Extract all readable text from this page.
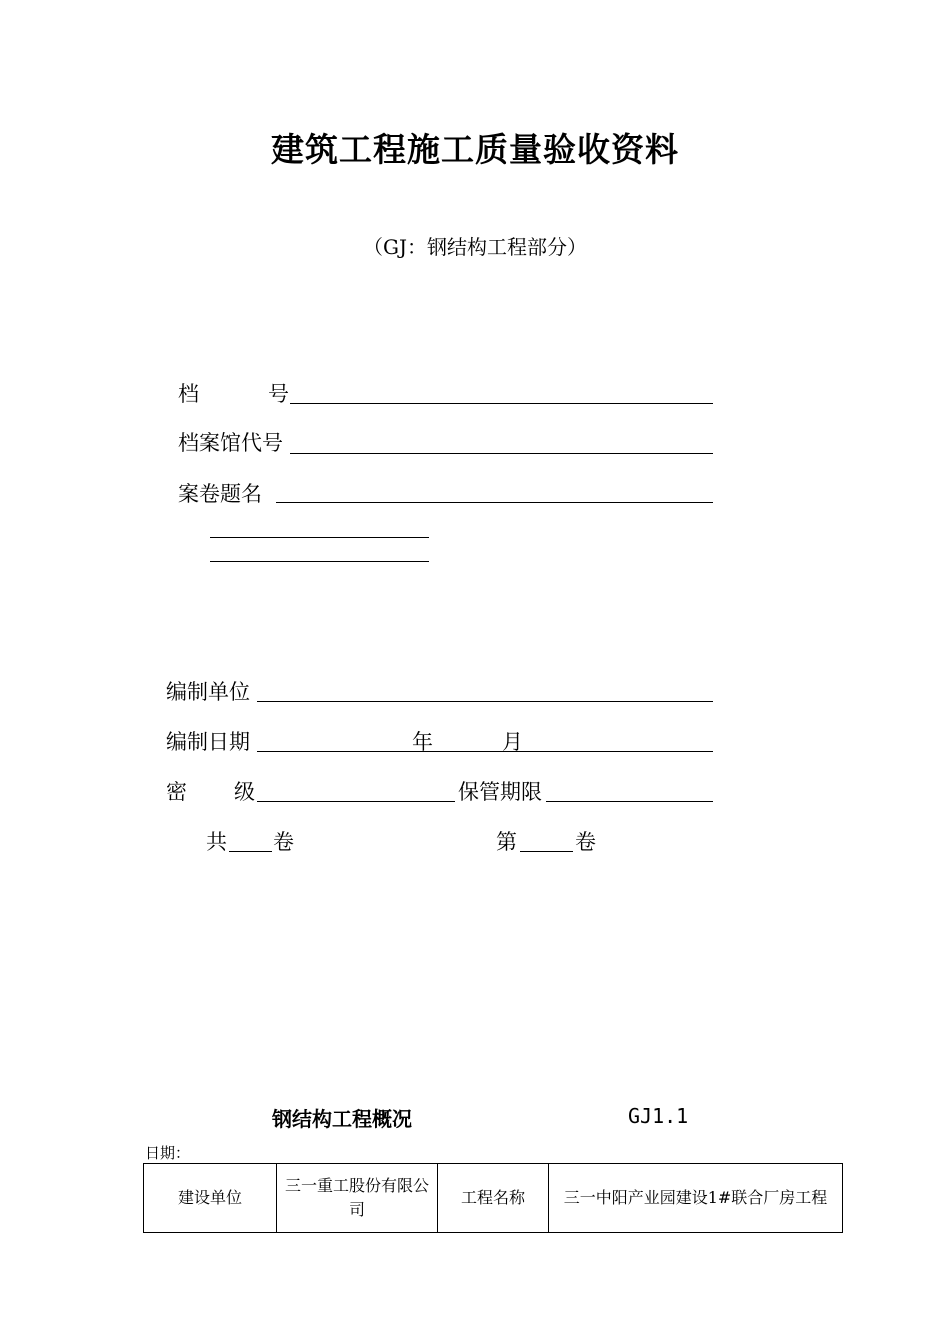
建筑工程施工质量验收资料
（GJ：钢结构工程部分）
档	号
档案馆代号
案卷题名
编制单位
编制日期	年	月
密 级	保管期限
共 卷	第	卷
钢结构工程概况	GJ1.1
日期：
建设单位	三一重工股份有限公司	工程名称	三一中阳产业园建设1#联合厂房工程
